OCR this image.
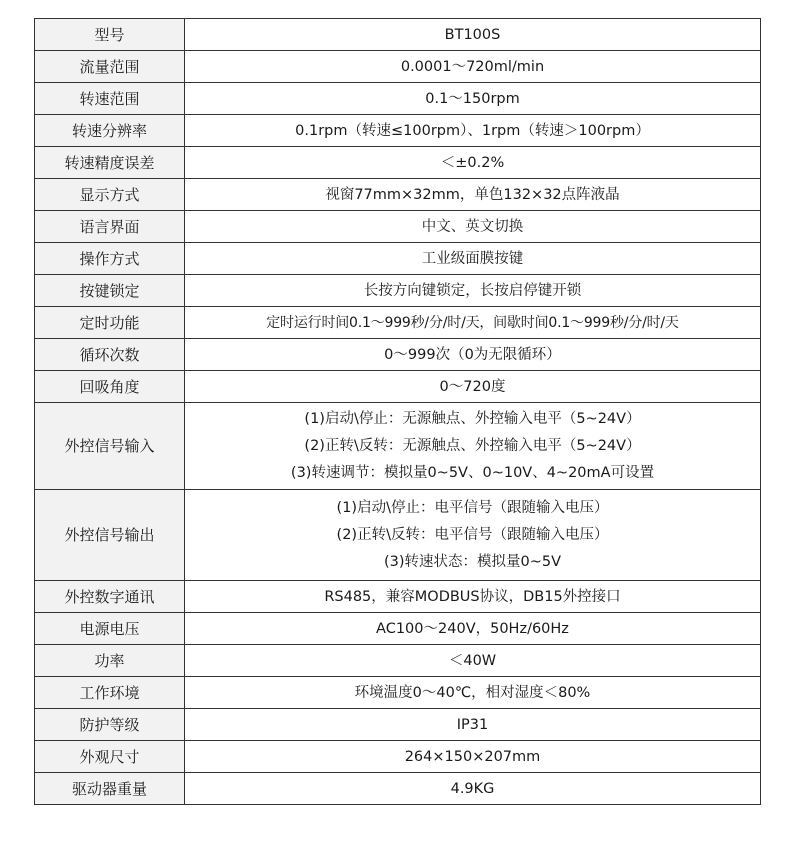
型号	BT100S
流量范围	0.0001～720ml/min
转速范围	0.1～150rpm
转速分辨率	0.1rpm（转速≤100rpm）、1rpm（转速＞100rpm）
转速精度误差	＜±0.2%
显示方式	视窗77mm×32mm，单色132×32点阵液晶
语言界面	中文、英文切换
操作方式	工业级面膜按键
按键锁定	长按方向键锁定，长按启停键开锁
定时功能	定时运行时间0.1～999秒/分/时/天，间歇时间0.1～999秒/分/时/天
循环次数	0～999次（0为无限循环）
回吸角度	0～720度
外控信号输入	(1)启动\停止：无源触点、外控输入电平（5~24V）
(2)正转\反转：无源触点、外控输入电平（5~24V）
(3)转速调节：模拟量0~5V、0~10V、4~20mA可设置

外控信号输出	(1)启动\停止：电平信号（跟随输入电压）
(2)正转\反转：电平信号（跟随输入电压）
(3)转速状态：模拟量0~5V

外控数字通讯	RS485，兼容MODBUS协议，DB15外控接口
电源电压	AC100～240V，50Hz/60Hz
功率	＜40W
工作环境	环境温度0～40℃，相对湿度＜80%
防护等级	IP31
外观尺寸	264×150×207mm
驱动器重量	4.9KG
